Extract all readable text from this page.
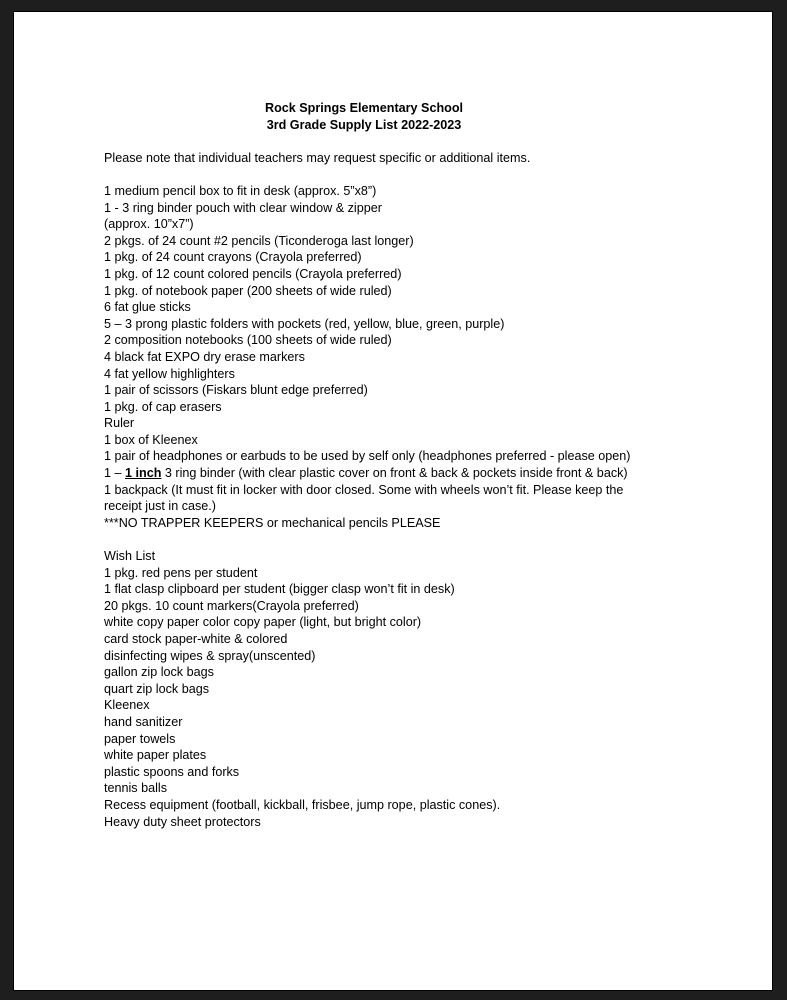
Rock Springs Elementary School
3rd Grade Supply List 2022-2023
Please note that individual teachers may request specific or additional items.
1 medium pencil box to fit in desk (approx. 5”x8”)
1 - 3 ring binder pouch with clear window & zipper
(approx. 10”x7”)
2 pkgs. of 24 count #2 pencils (Ticonderoga last longer)
1 pkg. of 24 count crayons (Crayola preferred)
1 pkg. of 12 count colored pencils (Crayola preferred)
1 pkg. of notebook paper (200 sheets of wide ruled)
6 fat glue sticks
5 – 3 prong plastic folders with pockets (red, yellow, blue, green, purple)
2 composition notebooks (100 sheets of wide ruled)
4 black fat EXPO dry erase markers
4 fat yellow highlighters
1 pair of scissors (Fiskars blunt edge preferred)
1 pkg. of cap erasers
Ruler
1 box of Kleenex
1 pair of headphones or earbuds to be used by self only (headphones preferred - please open)
1 – 1 inch 3 ring binder (with clear plastic cover on front & back & pockets inside front & back)
1 backpack (It must fit in locker with door closed. Some with wheels won’t fit. Please keep the
receipt just in case.)
***NO TRAPPER KEEPERS or mechanical pencils PLEASE
Wish List
1 pkg. red pens per student
1 flat clasp clipboard per student (bigger clasp won’t fit in desk)
20 pkgs. 10 count markers(Crayola preferred)
white copy paper color copy paper (light, but bright color)
card stock paper-white & colored
disinfecting wipes & spray(unscented)
gallon zip lock bags
quart zip lock bags
Kleenex
hand sanitizer
paper towels
white paper plates
plastic spoons and forks
tennis balls
Recess equipment (football, kickball, frisbee, jump rope, plastic cones).
Heavy duty sheet protectors
